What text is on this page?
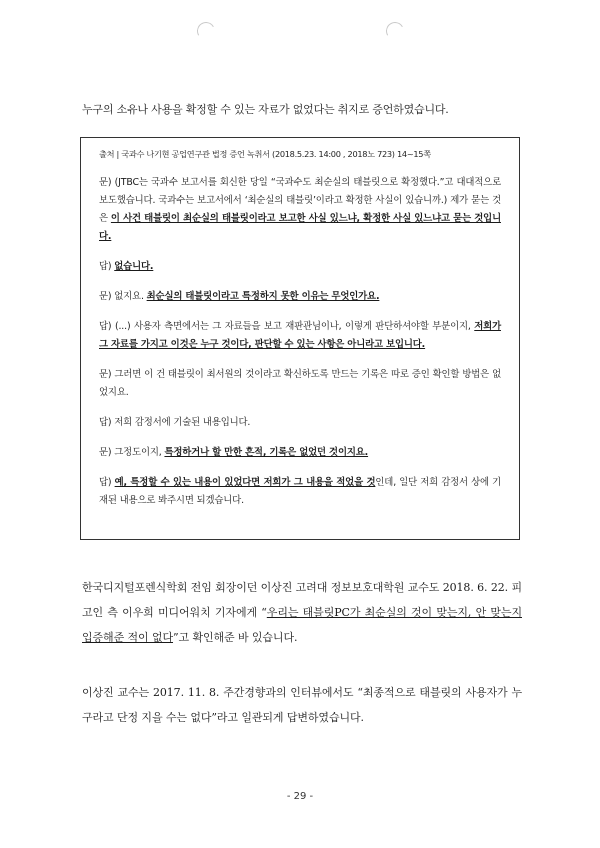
누구의 소유나 사용을 확정할 수 있는 자료가 없었다는 취지로 증언하였습니다.
출처 | 국과수 나기현 공업연구관 법정 증언 녹취서 (2018.5.23. 14:00 , 2018노 723) 14~15쪽

문) (JTBC는 국과수 보고서를 회신한 당일 “국과수도 최순실의 태블릿으로 확정했다.”고 대대적으로 보도했습니다. 국과수는 보고서에서 ‘최순실의 태블릿’이라고 확정한 사실이 있습니까.) 제가 묻는 것은 이 사건 태블릿이 최순실의 태블릿이라고 보고한 사실 있느냐, 확정한 사실 있느냐고 묻는 것입니다.

답) 없습니다.

문) 없지요. 최순실의 태블릿이라고 특정하지 못한 이유는 무엇인가요.

답) (...) 사용자 측면에서는 그 자료들을 보고 재판관님이나, 이렇게 판단하셔야할 부분이지, 저희가 그 자료를 가지고 이것은 누구 것이다, 판단할 수 있는 사항은 아니라고 보입니다.

문) 그러면 이 건 태블릿이 최서원의 것이라고 확신하도록 만드는 기록은 따로 증인 확인할 방법은 없었지요.

답) 저희 감정서에 기술된 내용입니다.

문) 그정도이지, 특정하거나 할 만한 흔적, 기록은 없었던 것이지요.

답) 예, 특정할 수 있는 내용이 있었다면 저희가 그 내용을 적었을 것인데, 일단 저희 감정서 상에 기재된 내용으로 봐주시면 되겠습니다.

한국디지털포렌식학회 전임 회장이던 이상진 고려대 정보보호대학원 교수도 2018. 6. 22. 피고인 측 이우희 미디어워치 기자에게 “우리는 태블릿PC가 최순실의 것이 맞는지, 안 맞는지 입증해준 적이 없다”고 확인해준 바 있습니다.
이상진 교수는 2017. 11. 8. 주간경향과의 인터뷰에서도 “최종적으로 태블릿의 사용자가 누구라고 단정 지을 수는 없다”라고 일관되게 답변하였습니다.
- 29 -
